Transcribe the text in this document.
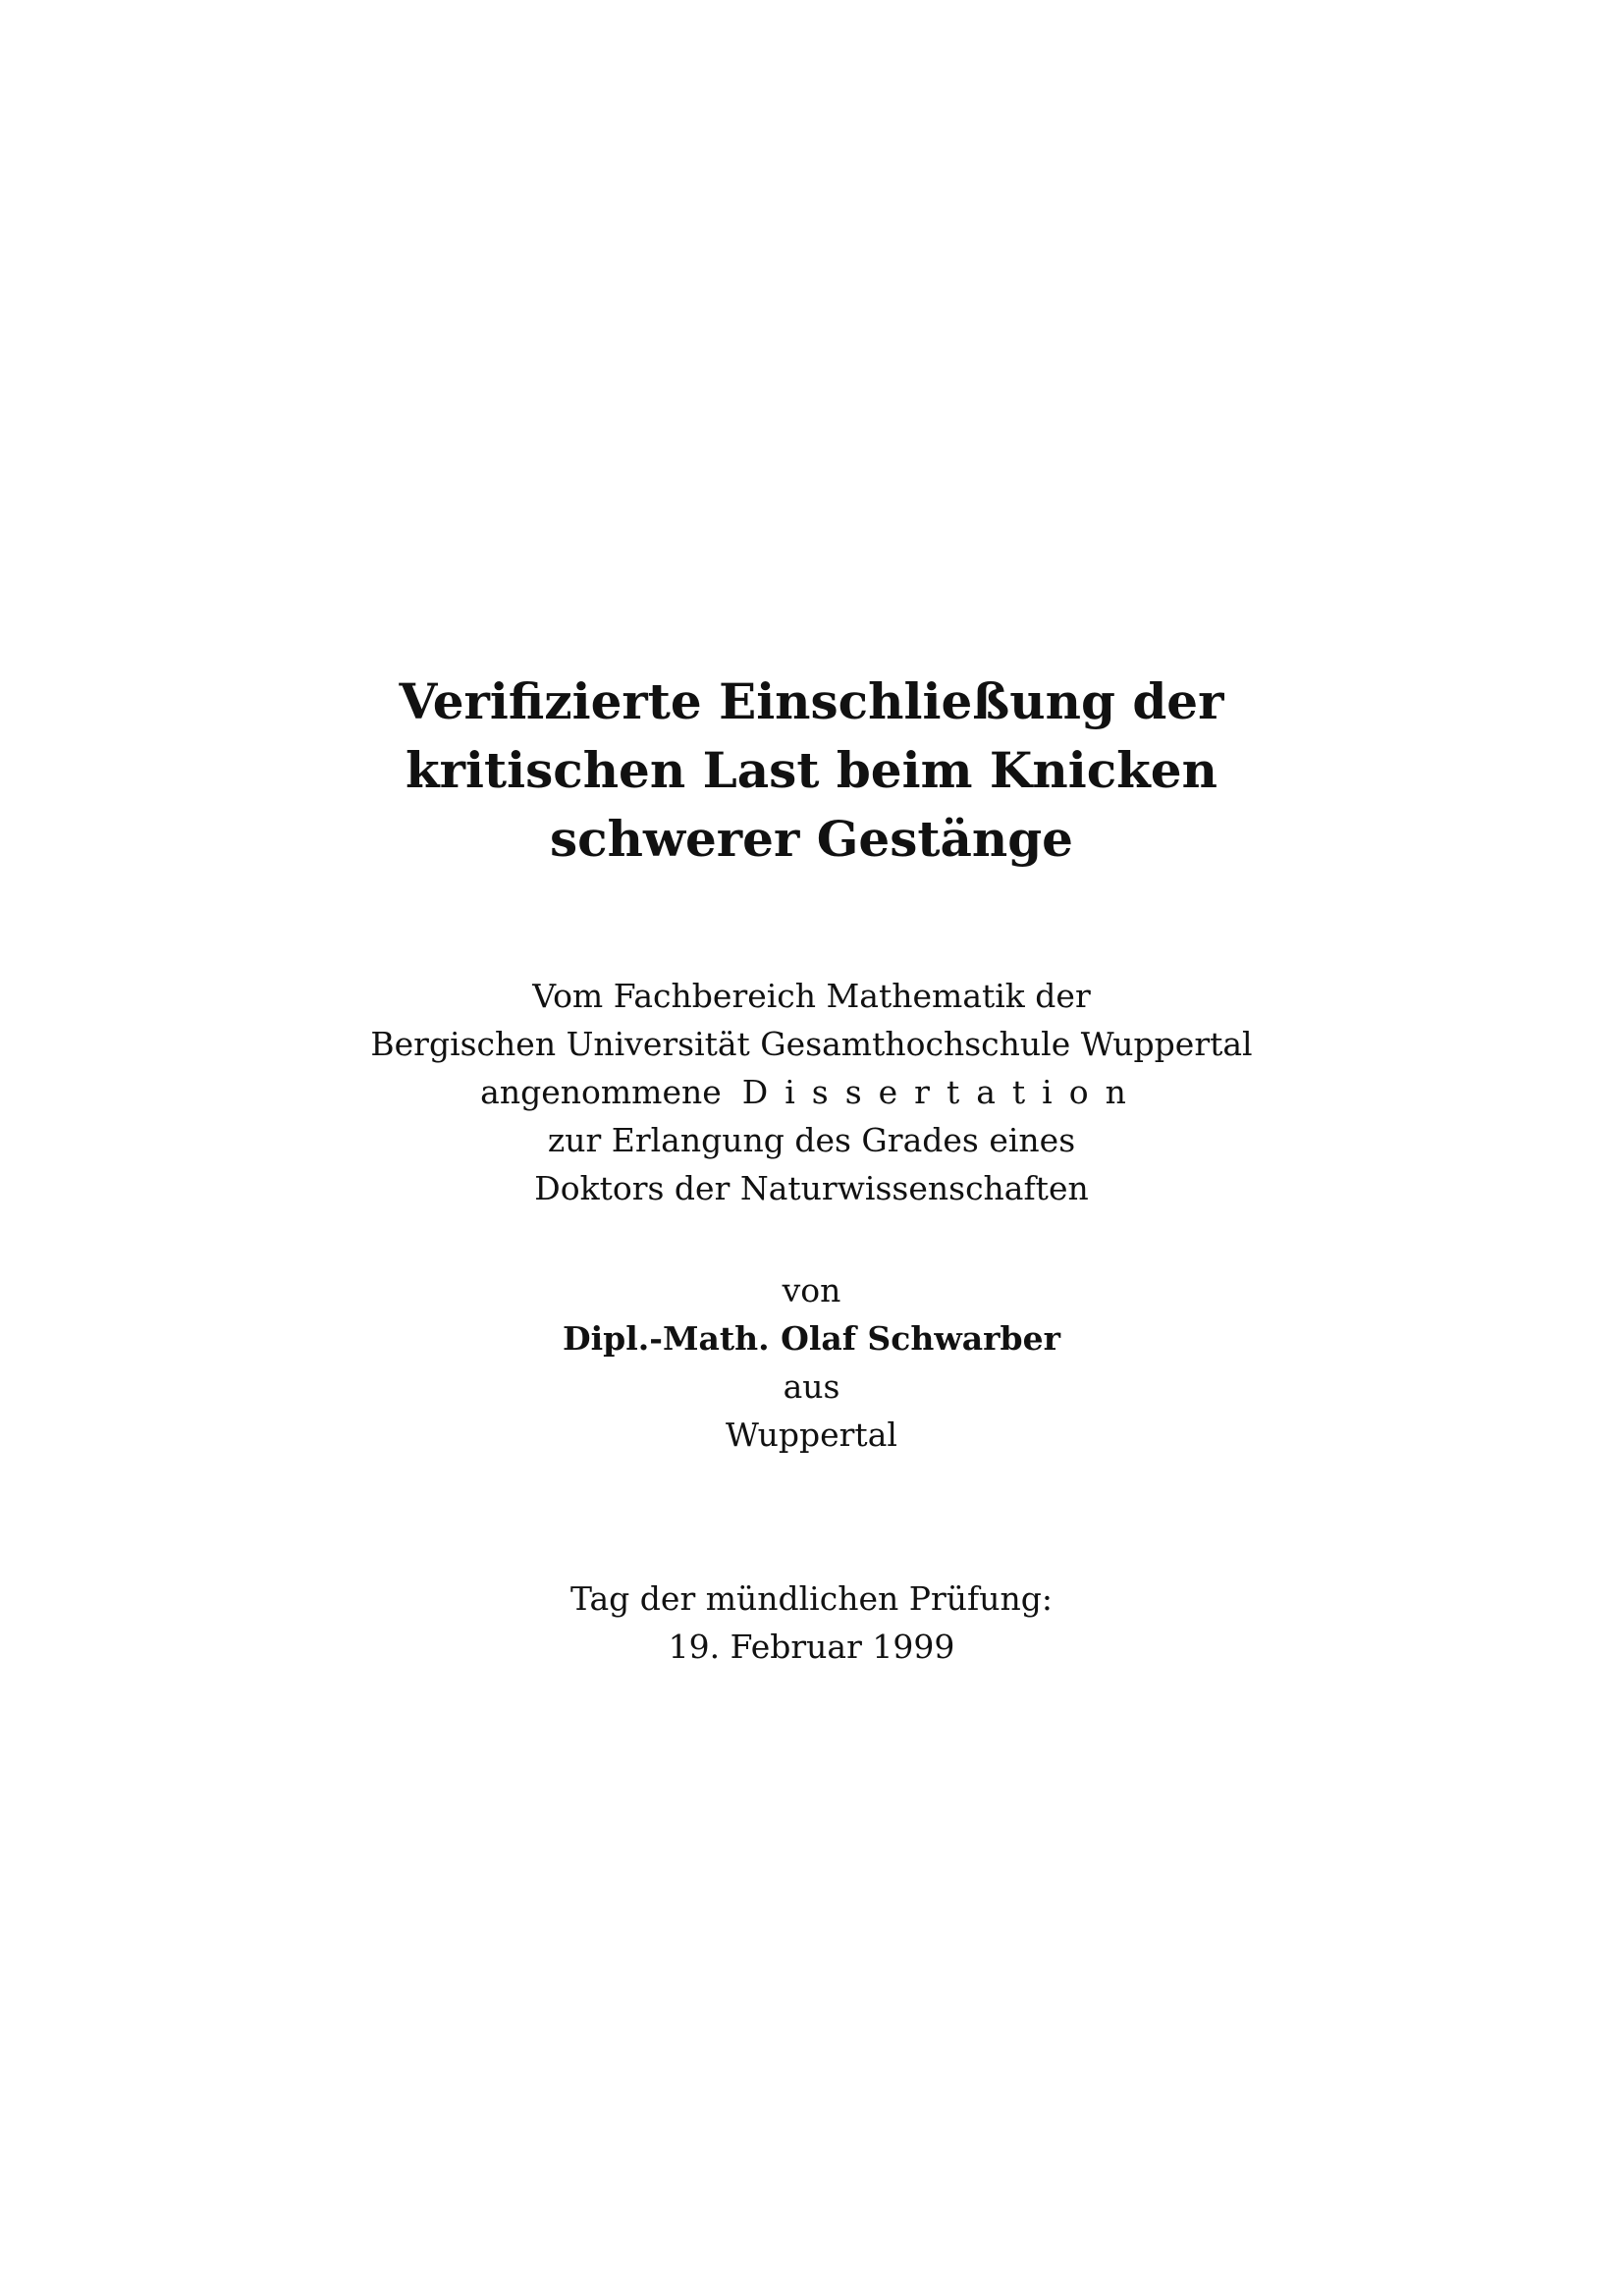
Verifizierte Einschließung der
kritischen Last beim Knicken
schwerer Gestänge
Vom Fachbereich Mathematik der
Bergischen Universität Gesamthochschule Wuppertal
angenommene Dissertation
zur Erlangung des Grades eines
Doktors der Naturwissenschaften
von
Dipl.-Math. Olaf Schwarber
aus
Wuppertal
Tag der mündlichen Prüfung:
19. Februar 1999
